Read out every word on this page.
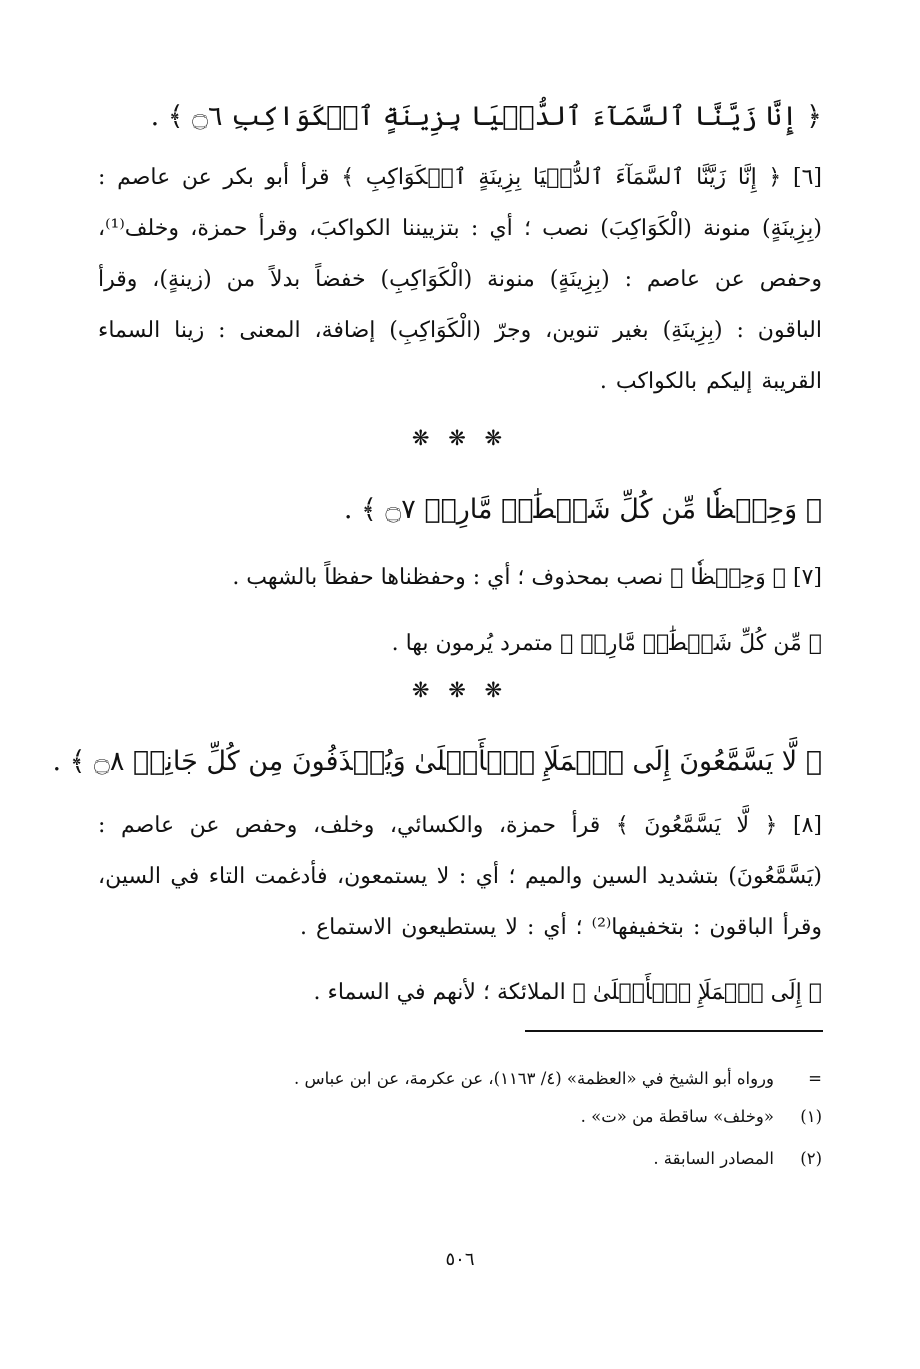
﴿ إِنَّا زَيَّنَّا ٱلسَّمَآءَ ٱلدُّنۡيَا بِزِينَةٍ ٱلۡكَوَاكِبِ ۝٦ ﴾ .
[٦] ﴿ إِنَّا زَيَّنَّا ٱلسَّمَآءَ ٱلدُّنۡيَا بِزِينَةٍ ٱلۡكَوَاكِبِ ﴾ قرأ أبو بكر عن عاصم : (بِزِينَةٍ) منونة (الْكَوَاكِبَ) نصب ؛ أي : بتزييننا الكواكبَ، وقرأ حمزة، وخلف⁽¹⁾، وحفص عن عاصم : (بِزِينَةٍ) منونة (الْكَوَاكِبِ) خفضاً بدلاً من (زينةٍ)، وقرأ الباقون : (بِزِينَةِ) بغير تنوين، وجرّ (الْكَوَاكِبِ) إضافة، المعنى : زينا السماء القريبة إليكم بالكواكب .
❋ ❋ ❋
﴿ وَحِفۡظٗا مِّن كُلِّ شَيۡطَٰنٖ مَّارِدٖ ۝٧ ﴾ .
[٧] ﴿ وَحِفۡظٗا ﴾ نصب بمحذوف ؛ أي : وحفظناها حفظاً بالشهب .
﴿ مِّن كُلِّ شَيۡطَٰنٖ مَّارِدٖ ﴾ متمرد يُرمون بها .
❋ ❋ ❋
﴿ لَّا يَسَّمَّعُونَ إِلَى ٱلۡمَلَإِ ٱلۡأَعۡلَىٰ وَيُقۡذَفُونَ مِن كُلِّ جَانِبٖ ۝٨ ﴾ .
[٨] ﴿ لَّا يَسَّمَّعُونَ ﴾ قرأ حمزة، والكسائي، وخلف، وحفص عن عاصم : (يَسَّمَّعُونَ) بتشديد السين والميم ؛ أي : لا يستمعون، فأدغمت التاء في السين، وقرأ الباقون : بتخفيفها⁽²⁾ ؛ أي : لا يستطيعون الاستماع .
﴿ إِلَى ٱلۡمَلَإِ ٱلۡأَعۡلَىٰ ﴾ الملائكة ؛ لأنهم في السماء .
=ورواه أبو الشيخ في «العظمة» (٤/ ١١٦٣)، عن عكرمة، عن ابن عباس .
(١)«وخلف» ساقطة من «ت» .
(٢)المصادر السابقة .
٥٠٦
